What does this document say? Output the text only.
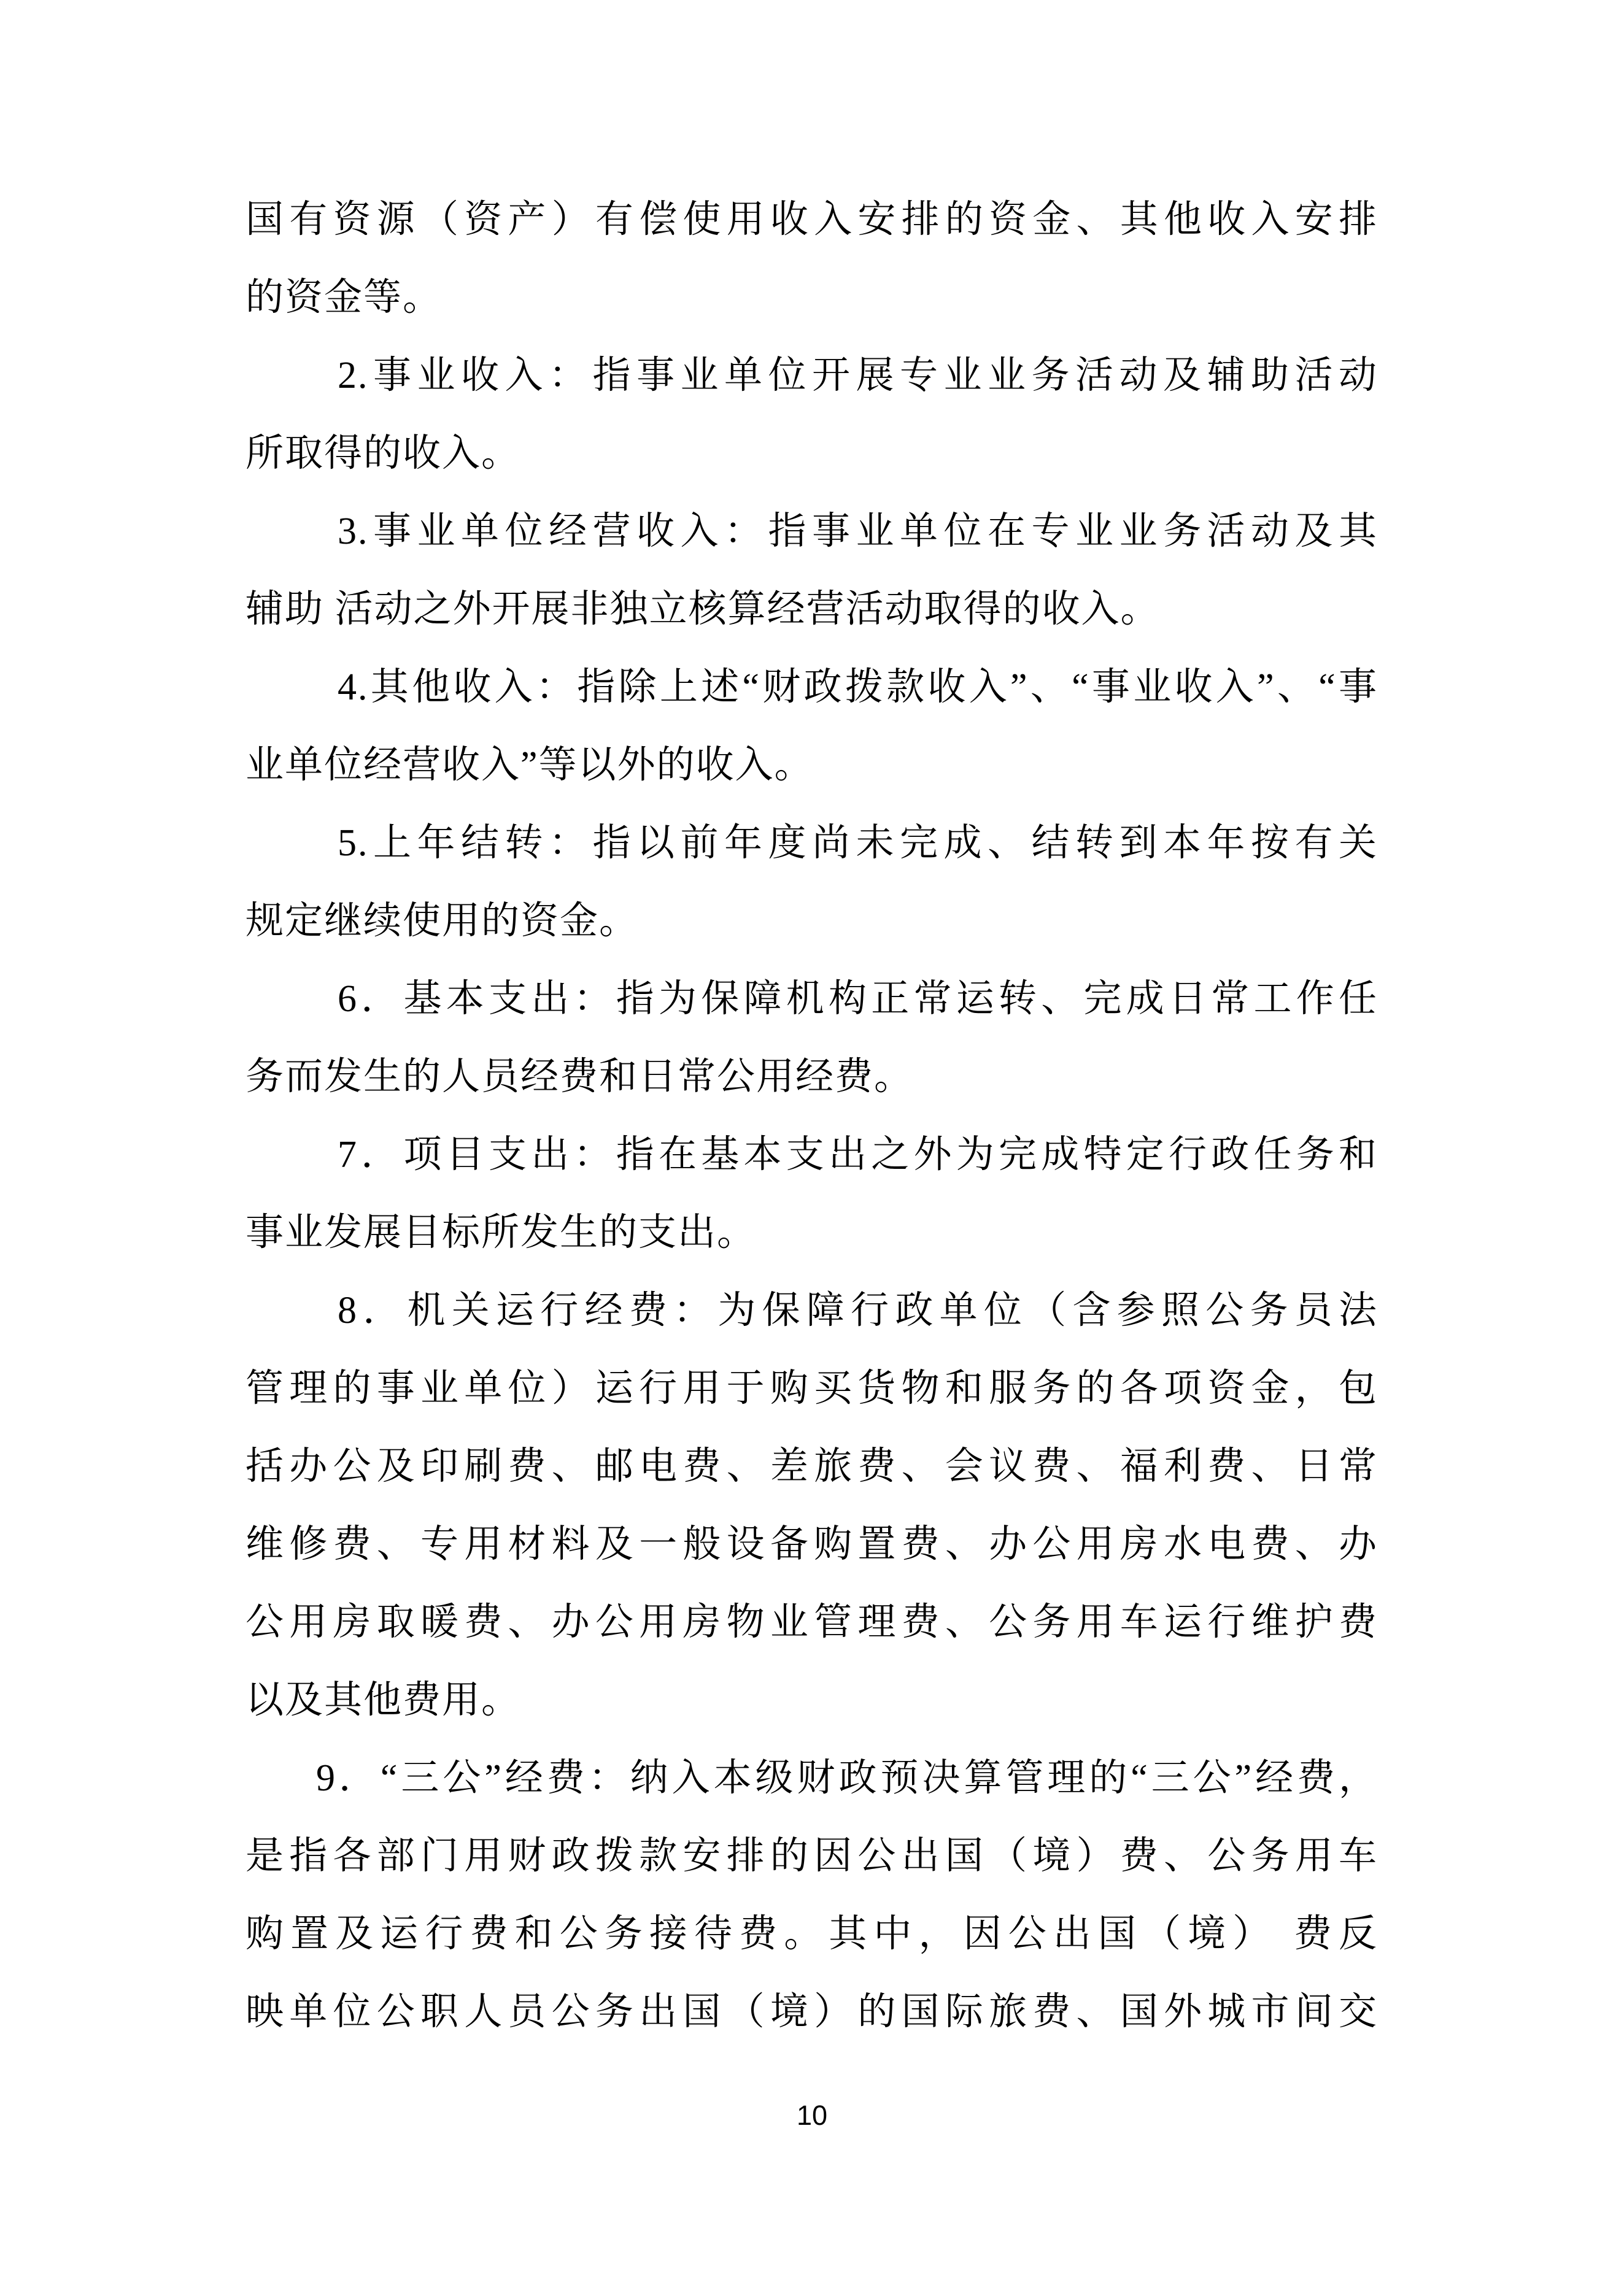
国有资源（资产）有偿使用收入安排的资金、其他收入安排
的资金等。
2.事业收入：指事业单位开展专业业务活动及辅助活动
所取得的收入。
3.事业单位经营收入：指事业单位在专业业务活动及其
辅助 活动之外开展非独立核算经营活动取得的收入。
4.其他收入：指除上述“财政拨款收入”、“事业收入”、“事
业单位经营收入”等以外的收入。
5.上年结转：指以前年度尚未完成、结转到本年按有关
规定继续使用的资金。
6．基本支出：指为保障机构正常运转、完成日常工作任
务而发生的人员经费和日常公用经费。
7．项目支出：指在基本支出之外为完成特定行政任务和
事业发展目标所发生的支出。
8．机关运行经费：为保障行政单位（含参照公务员法
管理的事业单位）运行用于购买货物和服务的各项资金，包
括办公及印刷费、邮电费、差旅费、会议费、福利费、日常
维修费、专用材料及一般设备购置费、办公用房水电费、办
公用房取暖费、办公用房物业管理费、公务用车运行维护费
以及其他费用。
9．“三公”经费：纳入本级财政预决算管理的“三公”经费，
是指各部门用财政拨款安排的因公出国（境）费、公务用车
购置及运行费和公务接待费。其中，因公出国（境） 费反
映单位公职人员公务出国（境）的国际旅费、国外城市间交
10
